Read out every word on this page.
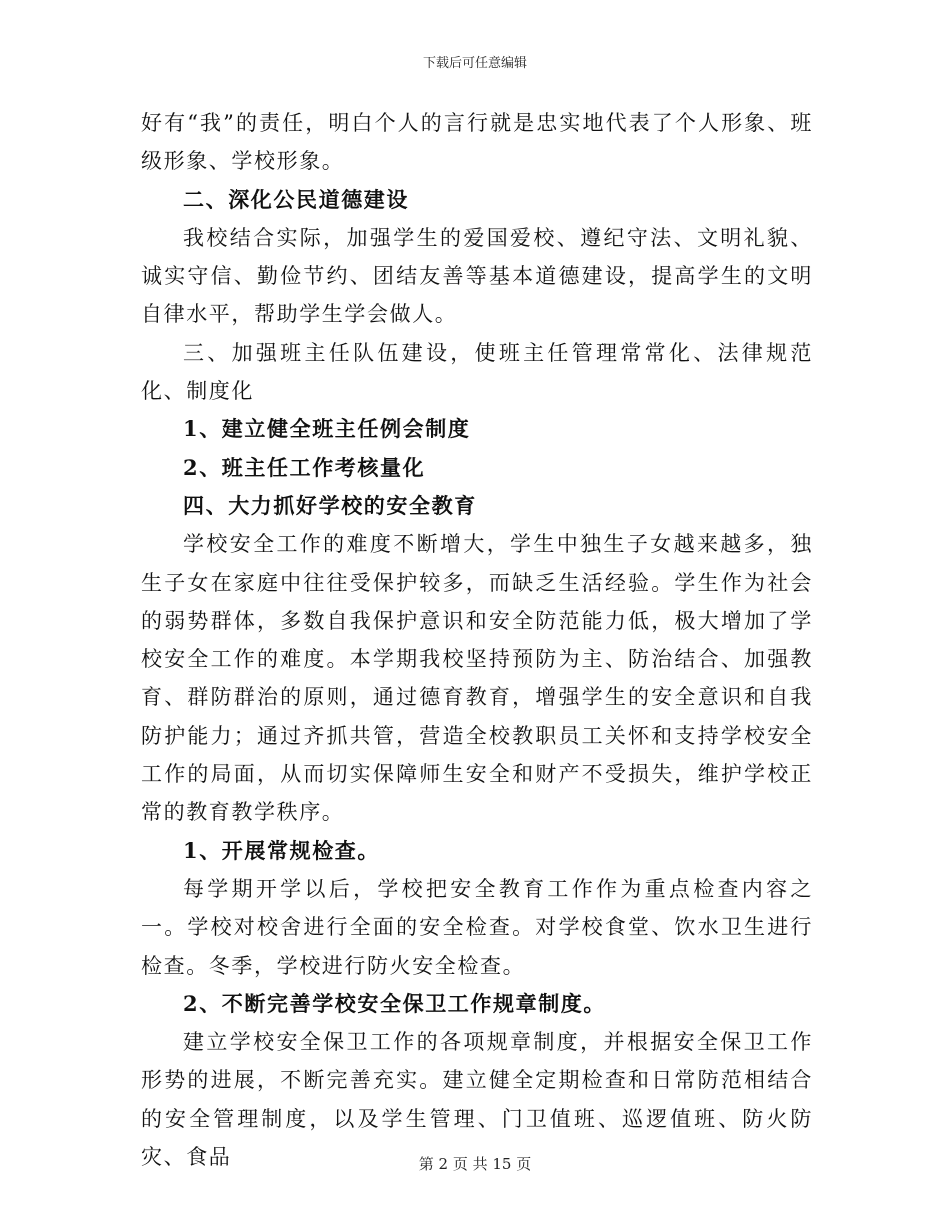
下载后可任意编辑

好有“我”的责任，明白个人的言行就是忠实地代表了个人形象、班级形象、学校形象。

二、深化公民道德建设

我校结合实际，加强学生的爱国爱校、遵纪守法、文明礼貌、诚实守信、勤俭节约、团结友善等基本道德建设，提高学生的文明自律水平，帮助学生学会做人。

三、加强班主任队伍建设，使班主任管理常常化、法律规范化、制度化

1、建立健全班主任例会制度

2、班主任工作考核量化

四、大力抓好学校的安全教育

学校安全工作的难度不断增大，学生中独生子女越来越多，独生子女在家庭中往往受保护较多，而缺乏生活经验。学生作为社会的弱势群体，多数自我保护意识和安全防范能力低，极大增加了学校安全工作的难度。本学期我校坚持预防为主、防治结合、加强教育、群防群治的原则，通过德育教育，增强学生的安全意识和自我防护能力；通过齐抓共管，营造全校教职员工关怀和支持学校安全工作的局面，从而切实保障师生安全和财产不受损失，维护学校正常的教育教学秩序。

1、开展常规检查。

每学期开学以后，学校把安全教育工作作为重点检查内容之一。学校对校舍进行全面的安全检查。对学校食堂、饮水卫生进行检查。冬季，学校进行防火安全检查。

2、不断完善学校安全保卫工作规章制度。

建立学校安全保卫工作的各项规章制度，并根据安全保卫工作形势的进展，不断完善充实。建立健全定期检查和日常防范相结合的安全管理制度，以及学生管理、门卫值班、巡逻值班、防火防灾、食品	第 2 页 共 15 页
